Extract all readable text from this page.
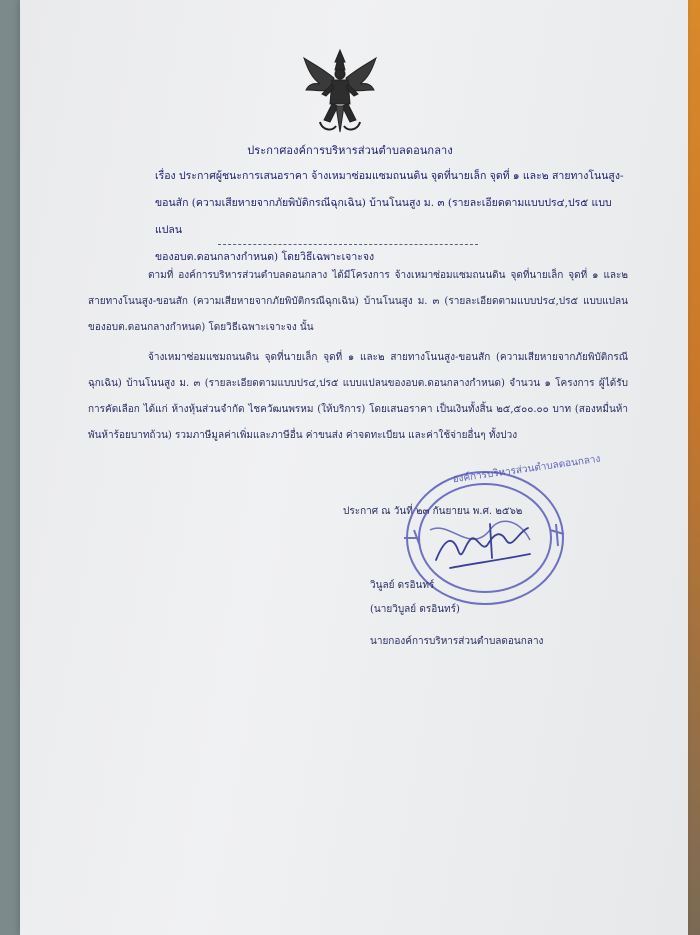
ประกาศองค์การบริหารส่วนตำบลดอนกลาง
เรื่อง ประกาศผู้ชนะการเสนอราคา จ้างเหมาซ่อมแซมถนนดิน จุดที่นายเล็ก จุดที่ ๑ และ๒ สายทางโนนสูง-
ขอนสัก (ความเสียหายจากภัยพิบัติกรณีฉุกเฉิน) บ้านโนนสูง ม. ๓ (รายละเอียดตามแบบปร๔,ปร๕ แบบแปลน
ของอบต.ดอนกลางกำหนด) โดยวิธีเฉพาะเจาะจง
ตามที่ องค์การบริหารส่วนตำบลดอนกลาง ได้มีโครงการ จ้างเหมาซ่อมแซมถนนดิน จุดที่นายเล็ก จุดที่ ๑ และ๒ สายทางโนนสูง-ขอนสัก (ความเสียหายจากภัยพิบัติกรณีฉุกเฉิน) บ้านโนนสูง ม. ๓ (รายละเอียดตามแบบปร๔,ปร๕ แบบแปลนของอบต.ดอนกลางกำหนด) โดยวิธีเฉพาะเจาะจง นั้น
จ้างเหมาซ่อมแซมถนนดิน จุดที่นายเล็ก จุดที่ ๑ และ๒ สายทางโนนสูง-ขอนสัก (ความเสียหายจากภัยพิบัติกรณีฉุกเฉิน) บ้านโนนสูง ม. ๓ (รายละเอียดตามแบบปร๔,ปร๕ แบบแปลนของอบต.ดอนกลางกำหนด) จำนวน ๑ โครงการ ผู้ได้รับการคัดเลือก ได้แก่ ห้างหุ้นส่วนจำกัด ไชควัฒนพรหม (ให้บริการ) โดยเสนอราคา เป็นเงินทั้งสิ้น ๒๕,๕๐๐.๐๐ บาท (สองหมื่นห้าพันห้าร้อยบาทถ้วน) รวมภาษีมูลค่าเพิ่มและภาษีอื่น ค่าขนส่ง ค่าจดทะเบียน และค่าใช้จ่ายอื่นๆ ทั้งปวง
องค์การบริหารส่วนตำบลดอนกลาง
ประกาศ ณ วันที่ ๒๓ กันยายน พ.ศ. ๒๕๖๒
วินูลย์ ดรอินทร์
(นายวิบูลย์ ดรอินทร์)
นายกองค์การบริหารส่วนตำบลดอนกลาง
